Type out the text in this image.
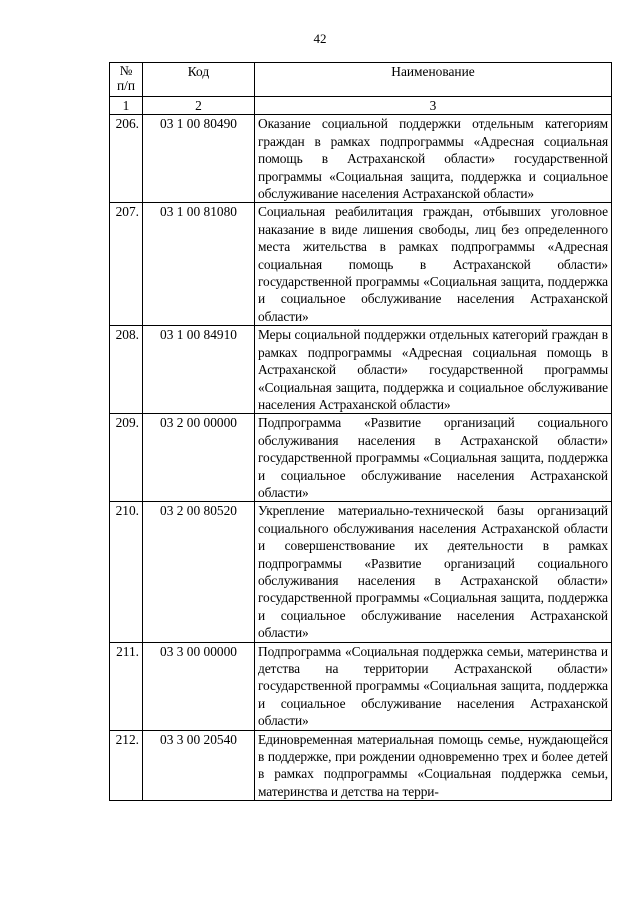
42
№ п/п	Код	Наименование
1	2	3
206.	03 1 00 80490	Оказание социальной поддержки отдельным категориям граждан в рамках подпрограммы «Адресная социальная помощь в Астраханской области» государственной программы «Социальная защита, поддержка и социальное обслуживание населения Астраханской области»
207.	03 1 00 81080	Социальная реабилитация граждан, отбывших уголовное наказание в виде лишения свободы, лиц без определенного места жительства в рамках подпрограммы «Адресная социальная помощь в Астраханской области» государственной программы «Социальная защита, поддержка и социальное обслуживание населения Астраханской области»
208.	03 1 00 84910	Меры социальной поддержки отдельных категорий граждан в рамках подпрограммы «Адресная социальная помощь в Астраханской области» государственной программы «Социальная защита, поддержка и социальное обслуживание населения Астраханской области»
209.	03 2 00 00000	Подпрограмма «Развитие организаций социального обслуживания населения в Астраханской области» государственной программы «Социальная защита, поддержка и социальное обслуживание населения Астраханской области»
210.	03 2 00 80520	Укрепление материально-технической базы организаций социального обслуживания населения Астраханской области и совершенствование их деятельности в рамках подпрограммы «Развитие организаций социального обслуживания населения в Астраханской области» государственной программы «Социальная защита, поддержка и социальное обслуживание населения Астраханской области»
211.	03 3 00 00000	Подпрограмма «Социальная поддержка семьи, материнства и детства на территории Астраханской области» государственной программы «Социальная защита, поддержка и социальное обслуживание населения Астраханской области»
212.	03 3 00 20540	Единовременная материальная помощь семье, нуждающейся в поддержке, при рождении одновременно трех и более детей в рамках подпрограммы «Социальная поддержка семьи, материнства и детства на терри-
